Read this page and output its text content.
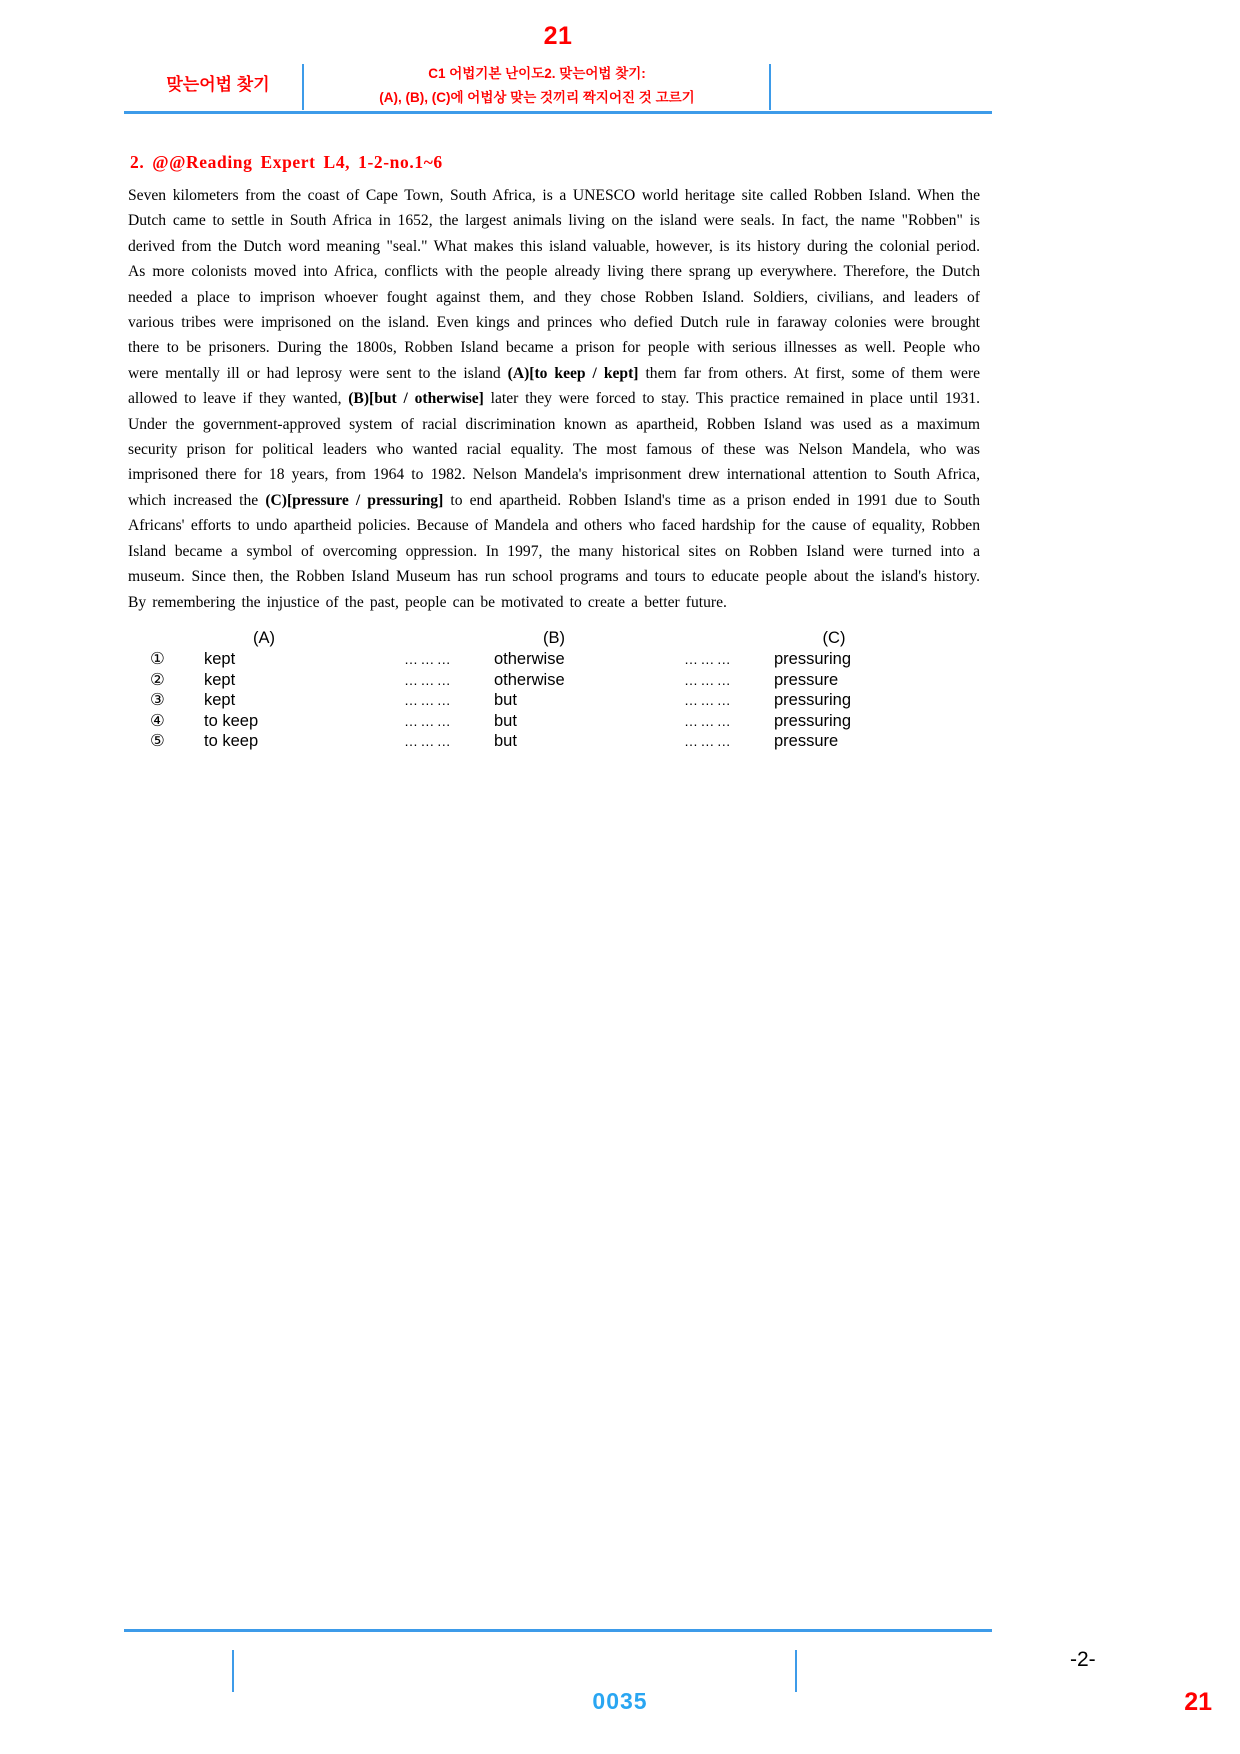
21
맞는어법 찾기
C1 어법기본 난이도2. 맞는어법 찾기:
(A), (B), (C)에 어법상 맞는 것끼리 짝지어진 것 고르기
2. @@Reading Expert L4, 1-2-no.1~6

Seven kilometers from the coast of Cape Town, South Africa, is a UNESCO world heritage site called Robben Island. When the Dutch came to settle in South Africa in 1652, the largest animals living on the island were seals. In fact, the name "Robben" is derived from the Dutch word meaning "seal." What makes this island valuable, however, is its history during the colonial period. As more colonists moved into Africa, conflicts with the people already living there sprang up everywhere. Therefore, the Dutch needed a place to imprison whoever fought against them, and they chose Robben Island. Soldiers, civilians, and leaders of various tribes were imprisoned on the island. Even kings and princes who defied Dutch rule in faraway colonies were brought there to be prisoners. During the 1800s, Robben Island became a prison for people with serious illnesses as well. People who were mentally ill or had leprosy were sent to the island (A)[to keep / kept] them far from others. At first, some of them were allowed to leave if they wanted, (B)[but / otherwise] later they were forced to stay. This practice remained in place until 1931. Under the government-approved system of racial discrimination known as apartheid, Robben Island was used as a maximum security prison for political leaders who wanted racial equality. The most famous of these was Nelson Mandela, who was imprisoned there for 18 years, from 1964 to 1982. Nelson Mandela's imprisonment drew international attention to South Africa, which increased the (C)[pressure / pressuring] to end apartheid. Robben Island's time as a prison ended in 1991 due to South Africans' efforts to undo apartheid policies. Because of Mandela and others who faced hardship for the cause of equality, Robben Island became a symbol of overcoming oppression. In 1997, the many historical sites on Robben Island were turned into a museum. Since then, the Robben Island Museum has run school programs and tours to educate people about the island's history. By remembering the injustice of the past, people can be motivated to create a better future.

(A)	(B)	(C)
①	kept	………	otherwise	………	pressuring
②	kept	………	otherwise	………	pressure
③	kept	………	but	………	pressuring
④	to keep	………	but	………	pressuring
⑤	to keep	………	but	………	pressure
-2-
0035	21
